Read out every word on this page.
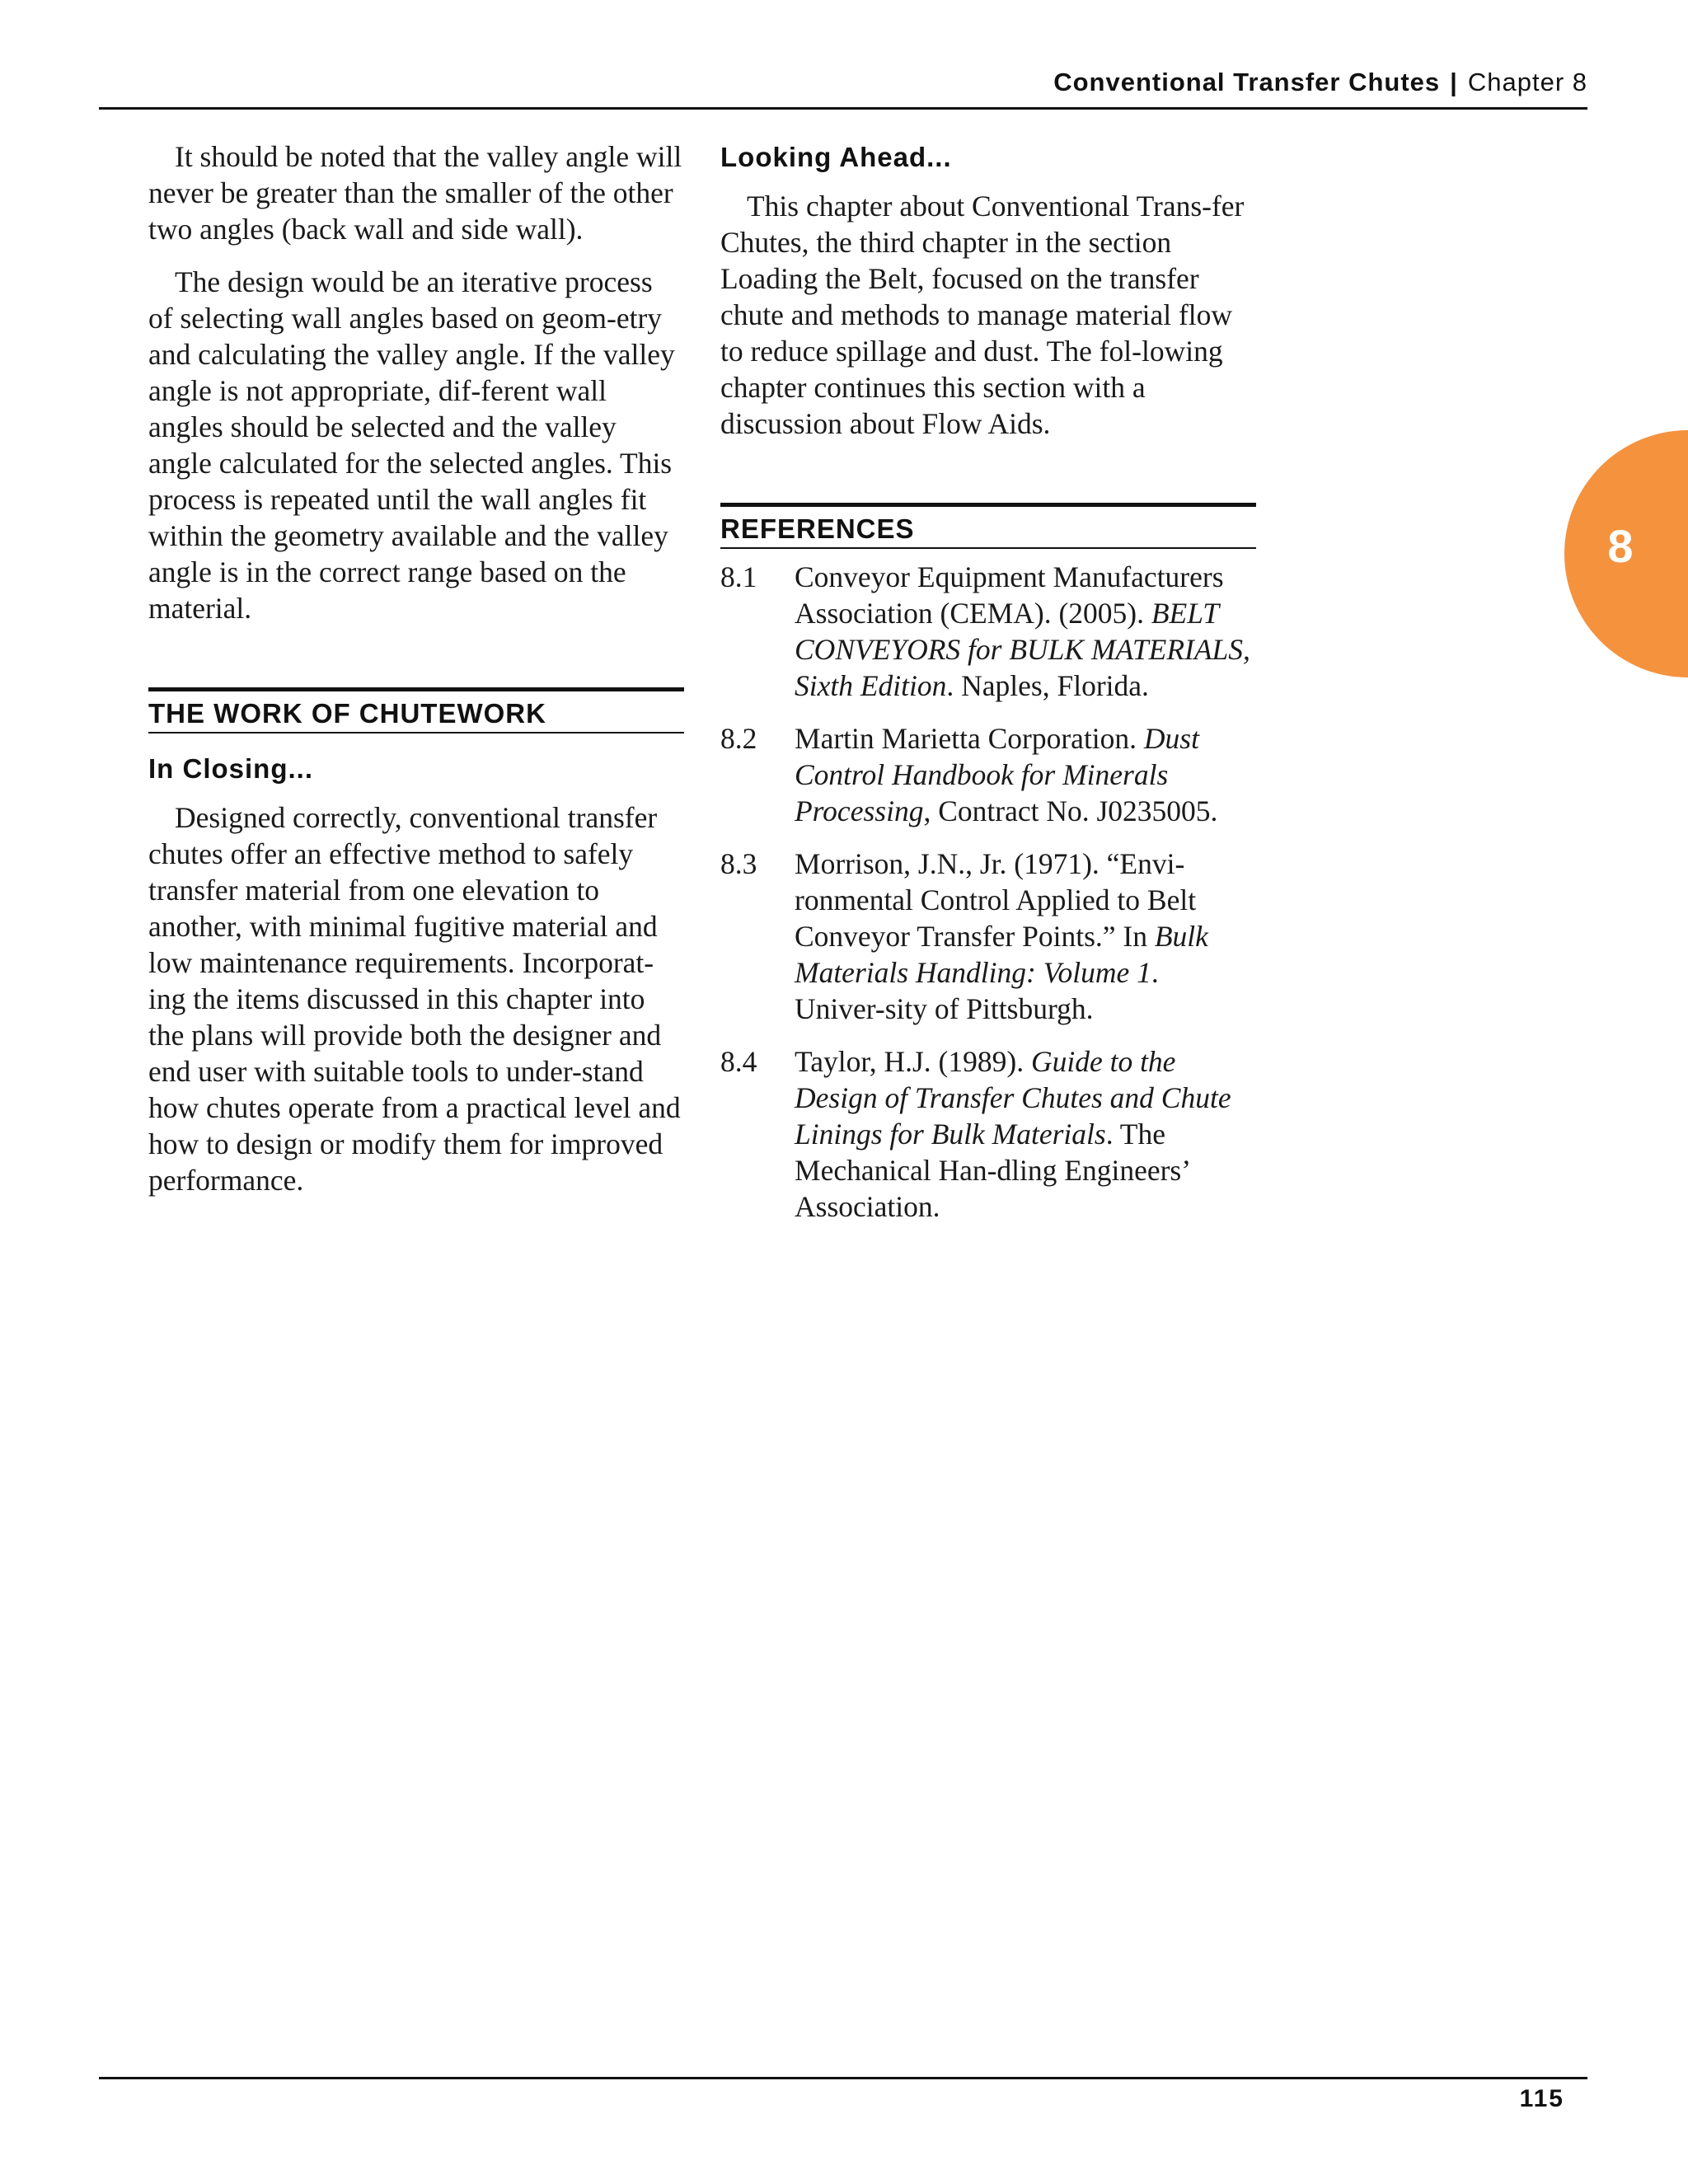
Conventional Transfer Chutes | Chapter 8
8

It should be noted that the valley angle will never be greater than the smaller of the other two angles (back wall and side wall).

The design would be an iterative process of selecting wall angles based on geom-etry and calculating the valley angle. If the valley angle is not appropriate, dif-ferent wall angles should be selected and the valley angle calculated for the selected angles. This process is repeated until the wall angles fit within the geometry available and the valley angle is in the correct range based on the material.

THE WORK OF CHUTEWORK
In Closing...

Designed correctly, conventional transfer chutes offer an effective method to safely transfer material from one elevation to another, with minimal fugitive material and low maintenance requirements. Incorporat-ing the items discussed in this chapter into the plans will provide both the designer and end user with suitable tools to under-stand how chutes operate from a practical level and how to design or modify them for improved performance.

Looking Ahead...

This chapter about Conventional Trans-fer Chutes, the third chapter in the section Loading the Belt, focused on the transfer chute and methods to manage material flow to reduce spillage and dust. The fol-lowing chapter continues this section with a discussion about Flow Aids.

REFERENCES
8.1	Conveyor Equipment Manufacturers Association (CEMA). (2005). BELT CONVEYORS for BULK MATERIALS, Sixth Edition. Naples, Florida.
8.2	Martin Marietta Corporation. Dust Control Handbook for Minerals Processing, Contract No. J0235005.
8.3	Morrison, J.N., Jr. (1971). “Envi-ronmental Control Applied to Belt Conveyor Transfer Points.” In Bulk Materials Handling: Volume 1. Univer-sity of Pittsburgh.
8.4	Taylor, H.J. (1989). Guide to the Design of Transfer Chutes and Chute Linings for Bulk Materials. The Mechanical Han-dling Engineers’ Association.
115
